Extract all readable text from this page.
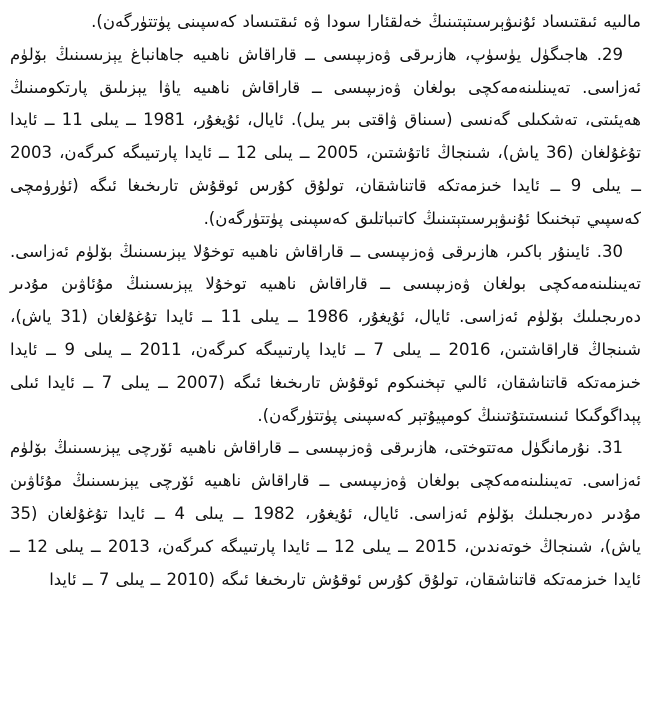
مالىيە ئىقتىساد ئۇنىۋېرسىتېتىنىڭ خەلقئارا سودا ۋە ئىقتىساد كەسپىنى پۈتتۈرگەن).

29. ھاجىگۈل يۈسۈپ، ھازىرقى ۋەزىپىسى ــ قاراقاش ناھىيە جاھانباغ يېزىسىنىڭ بۆلۈم ئەزاسى. تەيىنلىنەمەكچى بولغان ۋەزىپىسى ــ قاراقاش ناھىيە ياۋا يېزىلىق پارتكومىنىڭ ھەيئىتى، تەشكىلى گەنسى (سىناق ۋاقتى بىر يىل). ئايال، ئۇيغۇر، 1981 ــ يىلى 11 ــ ئايدا تۇغۇلغان (36 ياش)، شىنجاڭ ئاتۇشتىن، 2005 ــ يىلى 12 ــ ئايدا پارتىيىگە كىرگەن، 2003 ــ يىلى 9 ــ ئايدا خىزمەتكە قاتناشقان، تولۇق كۇرس ئوقۇش تارىخىغا ئىگە (ئۈرۈمچى كەسپىي تېخنىكا ئۇنىۋېرسىتېتىنىڭ كاتىباتلىق كەسپىنى پۈتتۈرگەن).

30. ئايىنۇر باكىر، ھازىرقى ۋەزىپىسى ــ قاراقاش ناھىيە توخۇلا يېزىسىنىڭ بۆلۈم ئەزاسى. تەيىنلىنەمەكچى بولغان ۋەزىپىسى ــ قاراقاش ناھىيە توخۇلا يېزىسىنىڭ مۇئاۋىن مۇدىر دەرىجىلىك بۆلۈم ئەزاسى. ئايال، ئۇيغۇر، 1986 ــ يىلى 11 ــ ئايدا تۇغۇلغان (31 ياش)، شىنجاڭ قاراقاشتىن، 2016 ــ يىلى 7 ــ ئايدا پارتىيىگە كىرگەن، 2011 ــ يىلى 9 ــ ئايدا خىزمەتكە قاتناشقان، ئالىي تېخنىكوم ئوقۇش تارىخىغا ئىگە (2007 ــ يىلى 7 ــ ئايدا ئىلى پېداگوگىكا ئىنىستىتۇتىنىڭ كومپيۇتېر كەسپىنى پۈتتۈرگەن).

31. نۇرمانگۈل مەتتوختى، ھازىرقى ۋەزىپىسى ــ قاراقاش ناھىيە ئۆرچى يېزىسىنىڭ بۆلۈم ئەزاسى. تەيىنلىنەمەكچى بولغان ۋەزىپىسى ــ قاراقاش ناھىيە ئۆرچى يېزىسىنىڭ مۇئاۋىن مۇدىر دەرىجىلىك بۆلۈم ئەزاسى. ئايال، ئۇيغۇر، 1982 ــ يىلى 4 ــ ئايدا تۇغۇلغان (35 ياش)، شىنجاڭ خوتەندىن، 2015 ــ يىلى 12 ــ ئايدا پارتىيىگە كىرگەن، 2013 ــ يىلى 12 ــ ئايدا خىزمەتكە قاتناشقان، تولۇق كۇرس ئوقۇش تارىخىغا ئىگە (2010 ــ يىلى 7 ــ ئايدا
